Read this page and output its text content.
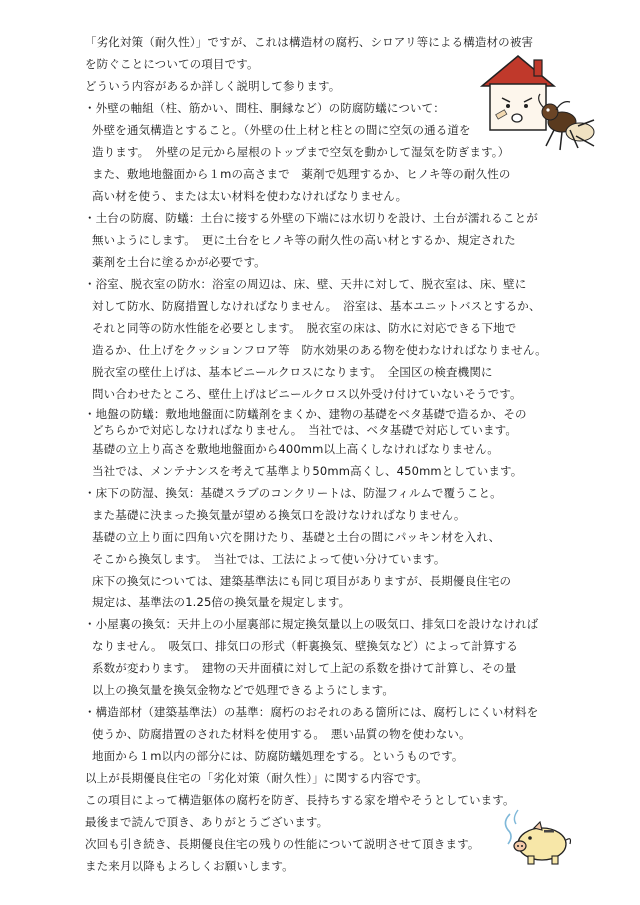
「劣化対策（耐久性）」ですが、これは構造材の腐朽、シロアリ等による構造材の被害
を防ぐことについての項目です。
どういう内容があるか詳しく説明して参ります。
・外壁の軸組（柱、筋かい、間柱、胴縁など）の防腐防蟻について：
外壁を通気構造とすること。（外壁の仕上材と柱との間に空気の通る道を
造ります。　外壁の足元から屋根のトップまで空気を動かして湿気を防ぎます。）
また、敷地地盤面から１mの高さまで　薬剤で処理するか、ヒノキ等の耐久性の
高い材を使う、または太い材料を使わなければなりません。
・土台の防腐、防蟻：土台に接する外壁の下端には水切りを設け、土台が濡れることが
無いようにします。　更に土台をヒノキ等の耐久性の高い材とするか、規定された
薬剤を土台に塗るかが必要です。
・浴室、脱衣室の防水：浴室の周辺は、床、壁、天井に対して、脱衣室は、床、壁に
対して防水、防腐措置しなければなりません。　浴室は、基本ユニットバスとするか、
それと同等の防水性能を必要とします。　脱衣室の床は、防水に対応できる下地で
造るか、仕上げをクッションフロア等　防水効果のある物を使わなければなりません。
脱衣室の壁仕上げは、基本ビニールクロスになります。　全国区の検査機関に
問い合わせたところ、壁仕上げはビニールクロス以外受け付けていないそうです。
・地盤の防蟻：敷地地盤面に防蟻剤をまくか、建物の基礎をベタ基礎で造るか、その
どちらかで対応しなければなりません。　当社では、ベタ基礎で対応しています。
基礎の立上り高さを敷地地盤面から400mm以上高くしなければなりません。
当社では、メンテナンスを考えて基準より50mm高くし、450mmとしています。
・床下の防湿、換気：基礎スラブのコンクリートは、防湿フィルムで覆うこと。
また基礎に決まった換気量が望める換気口を設けなければなりません。
基礎の立上り面に四角い穴を開けたり、基礎と土台の間にパッキン材を入れ、
そこから換気します。　当社では、工法によって使い分けています。
床下の換気については、建築基準法にも同じ項目がありますが、長期優良住宅の
規定は、基準法の1.25倍の換気量を規定します。
・小屋裏の換気：天井上の小屋裏部に規定換気量以上の吸気口、排気口を設けなければ
なりません。　吸気口、排気口の形式（軒裏換気、壁換気など）によって計算する
系数が変わります。　建物の天井面積に対して上記の系数を掛けて計算し、その量
以上の換気量を換気金物などで処理できるようにします。
・構造部材（建築基準法）の基準：腐朽のおそれのある箇所には、腐朽しにくい材料を
使うか、防腐措置のされた材料を使用する。　悪い品質の物を使わない。
地面から１m以内の部分には、防腐防蟻処理をする。というものです。
以上が長期優良住宅の「劣化対策（耐久性）」に関する内容です。
この項目によって構造躯体の腐朽を防ぎ、長持ちする家を増やそうとしています。
最後まで読んで頂き、ありがとうございます。
次回も引き続き、長期優良住宅の残りの性能について説明させて頂きます。
また来月以降もよろしくお願いします。
